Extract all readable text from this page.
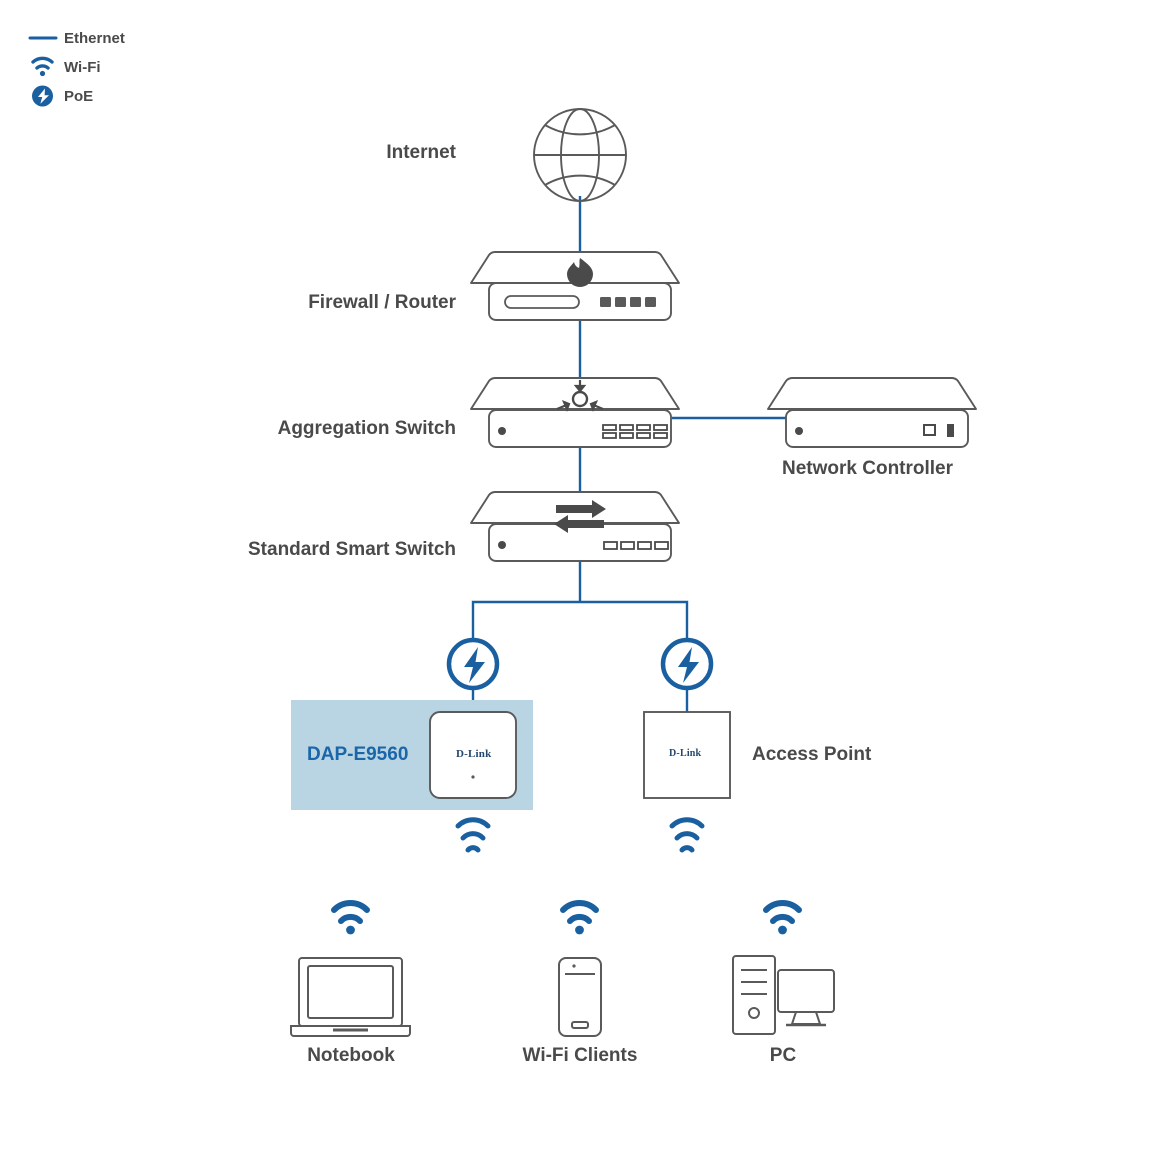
Ethernet
Wi-Fi
PoE
Internet
Firewall / Router
Aggregation Switch
Network Controller
Standard Smart Switch
DAP-E9560	Access Point
D-Link	D-Link
Notebook	Wi-Fi Clients	PC
